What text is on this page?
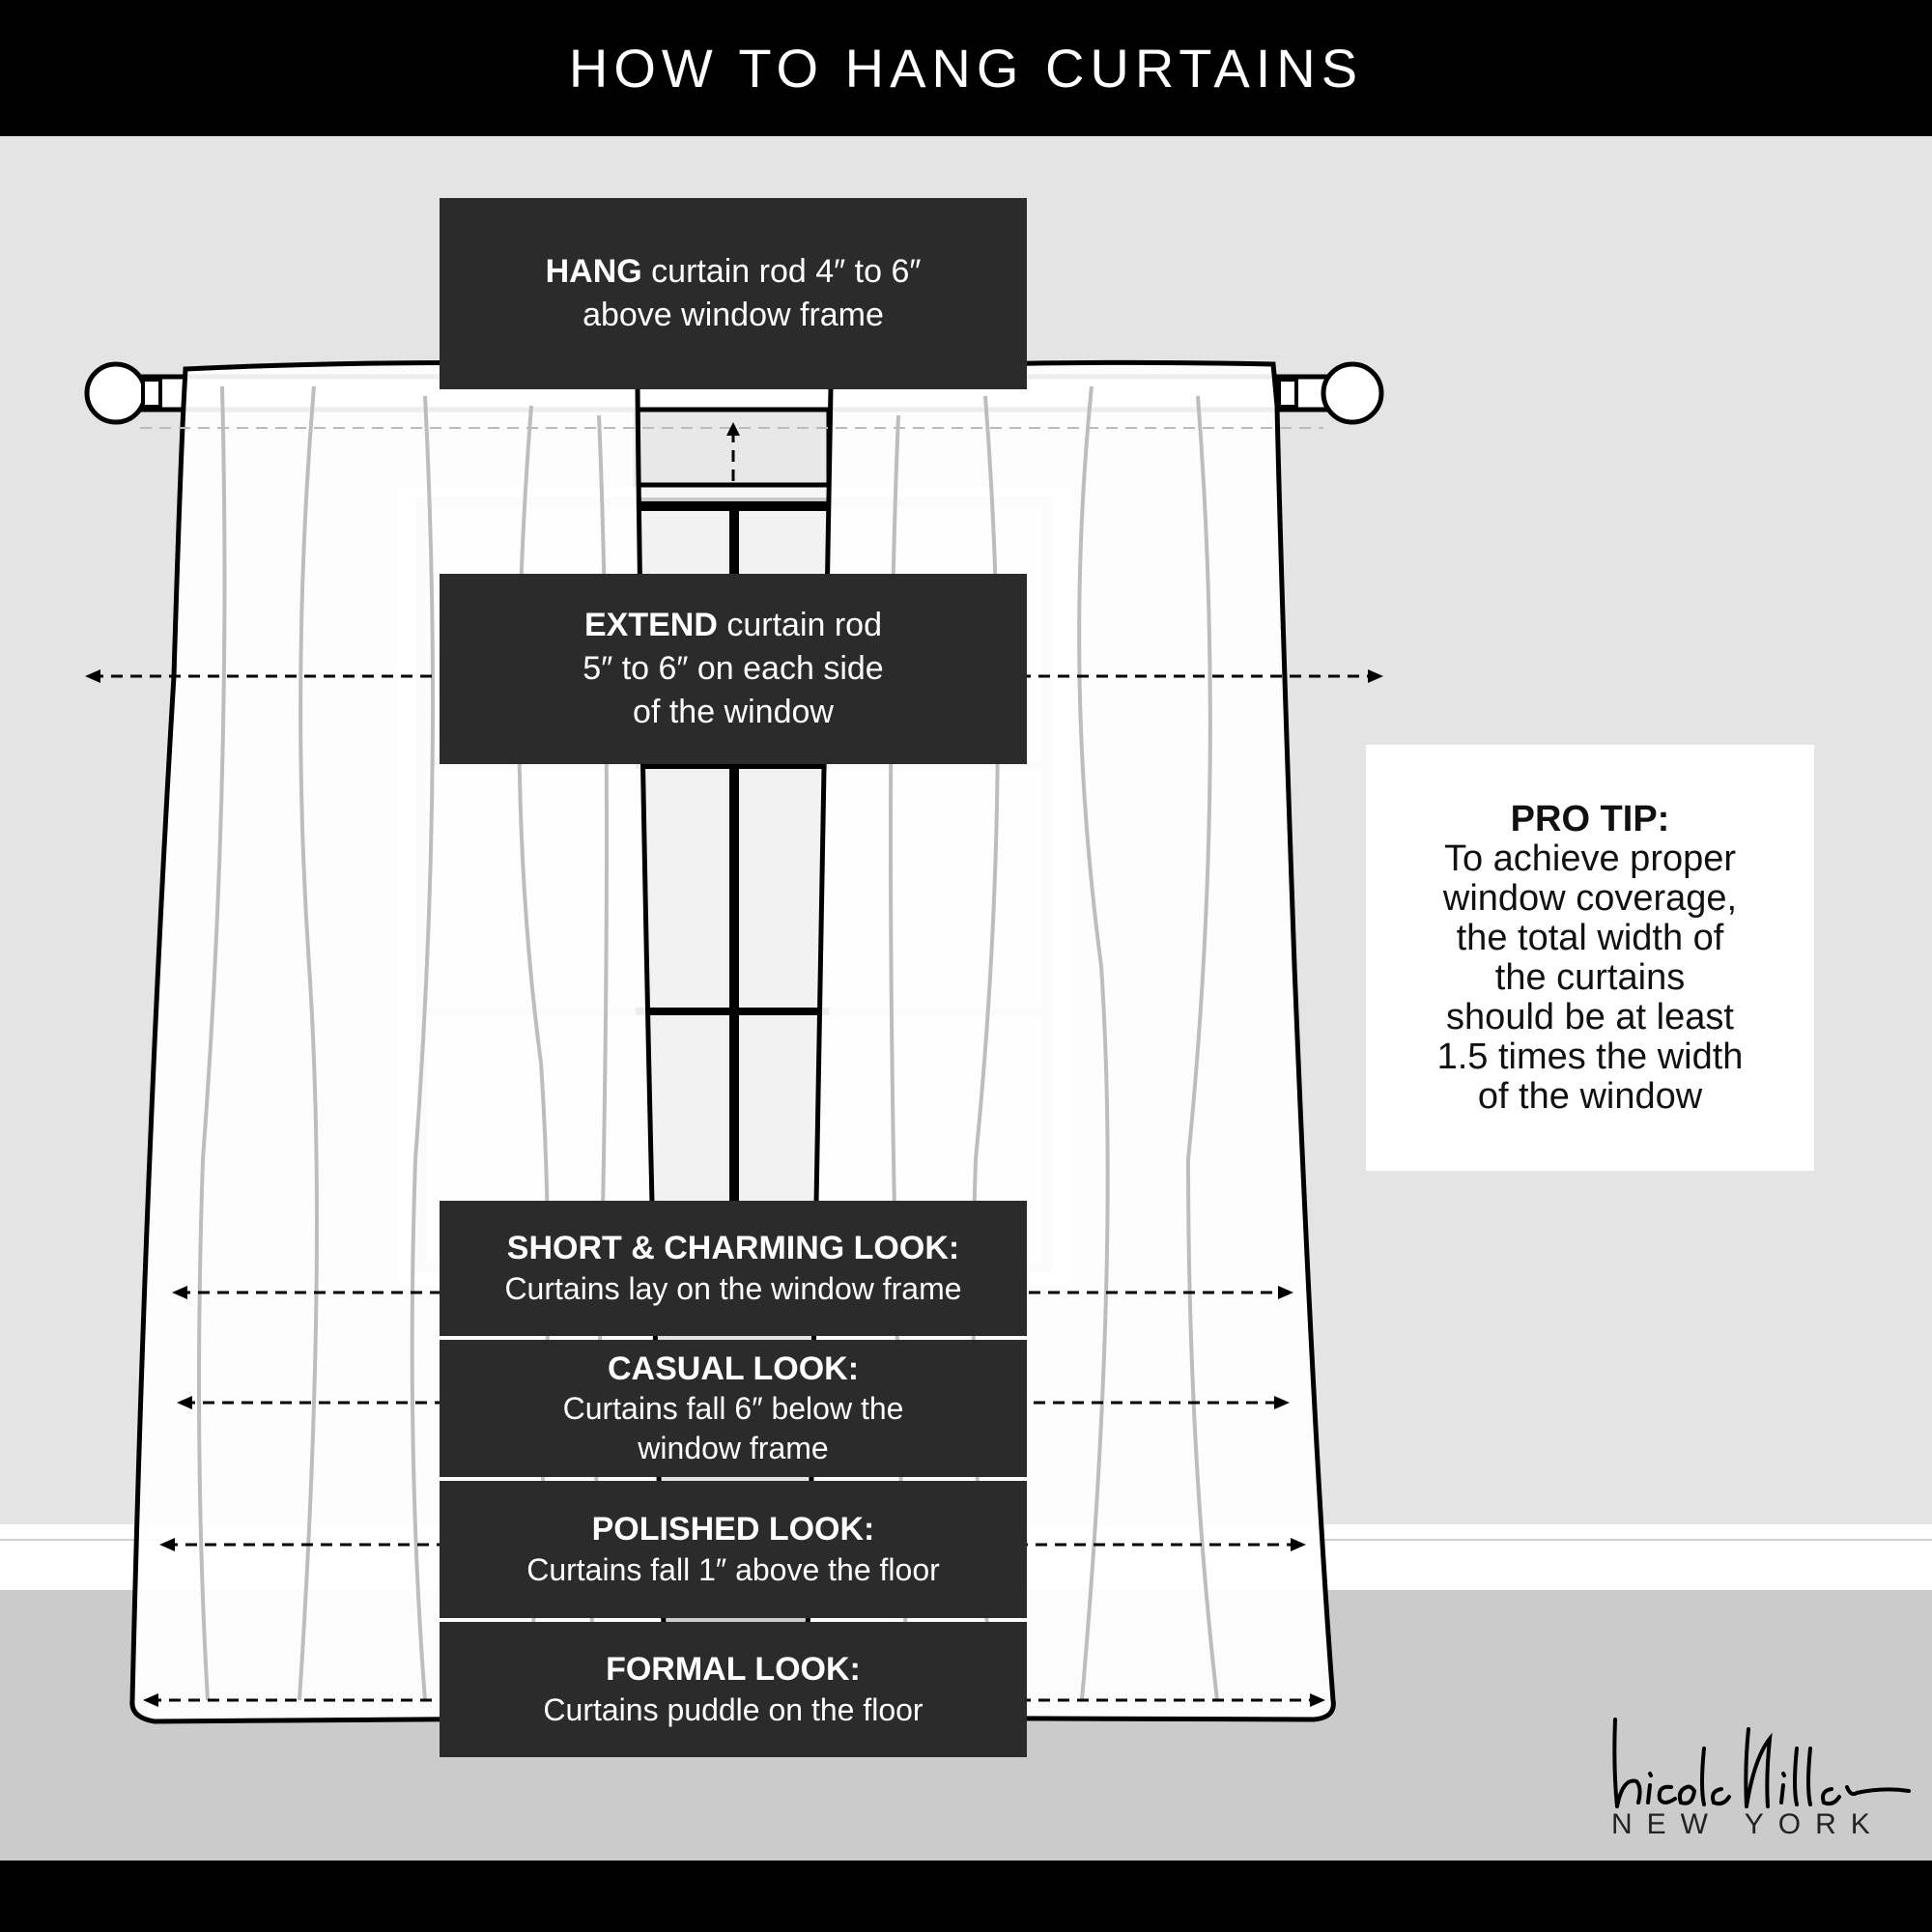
HOW TO HANG CURTAINS
HANG curtain rod 4″ to 6″
above window frame
EXTEND curtain rod
5″ to 6″ on each side
of the window
SHORT & CHARMING LOOK:
Curtains lay on the window frame
CASUAL LOOK:
Curtains fall 6″ below the
window frame
POLISHED LOOK:
Curtains fall 1″ above the floor
FORMAL LOOK:
Curtains puddle on the floor
PRO TIP:
To achieve proper
window coverage,
the total width of
the curtains
should be at least
1.5 times the width
of the window
NEW YORK
